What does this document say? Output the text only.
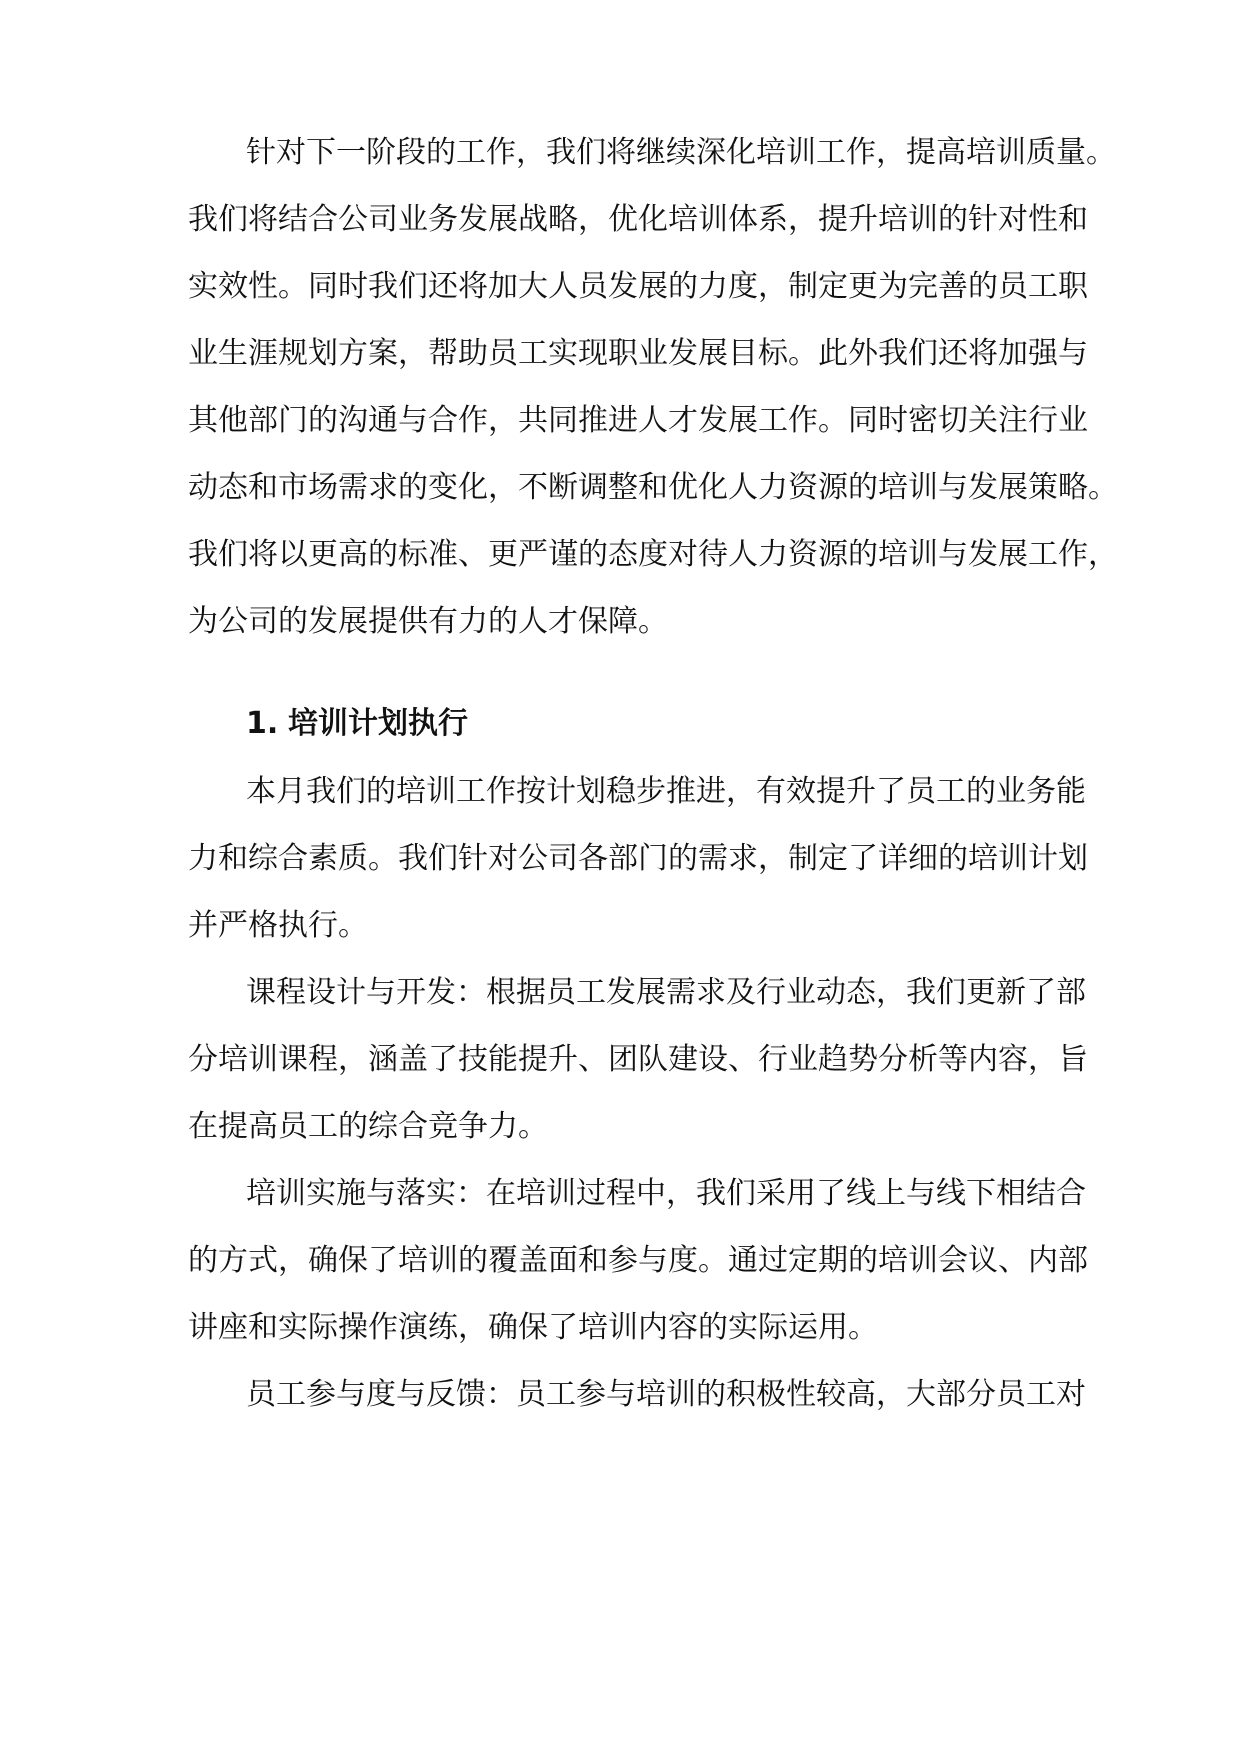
针对下一阶段的工作，我们将继续深化培训工作，提高培训质量。
我们将结合公司业务发展战略，优化培训体系，提升培训的针对性和
实效性。同时我们还将加大人员发展的力度，制定更为完善的员工职
业生涯规划方案，帮助员工实现职业发展目标。此外我们还将加强与
其他部门的沟通与合作，共同推进人才发展工作。同时密切关注行业
动态和市场需求的变化，不断调整和优化人力资源的培训与发展策略。
我们将以更高的标准、更严谨的态度对待人力资源的培训与发展工作，
为公司的发展提供有力的人才保障。
1. 培训计划执行
本月我们的培训工作按计划稳步推进，有效提升了员工的业务能
力和综合素质。我们针对公司各部门的需求，制定了详细的培训计划
并严格执行。
课程设计与开发：根据员工发展需求及行业动态，我们更新了部
分培训课程，涵盖了技能提升、团队建设、行业趋势分析等内容，旨
在提高员工的综合竞争力。
培训实施与落实：在培训过程中，我们采用了线上与线下相结合
的方式，确保了培训的覆盖面和参与度。通过定期的培训会议、内部
讲座和实际操作演练，确保了培训内容的实际运用。
员工参与度与反馈：员工参与培训的积极性较高，大部分员工对
